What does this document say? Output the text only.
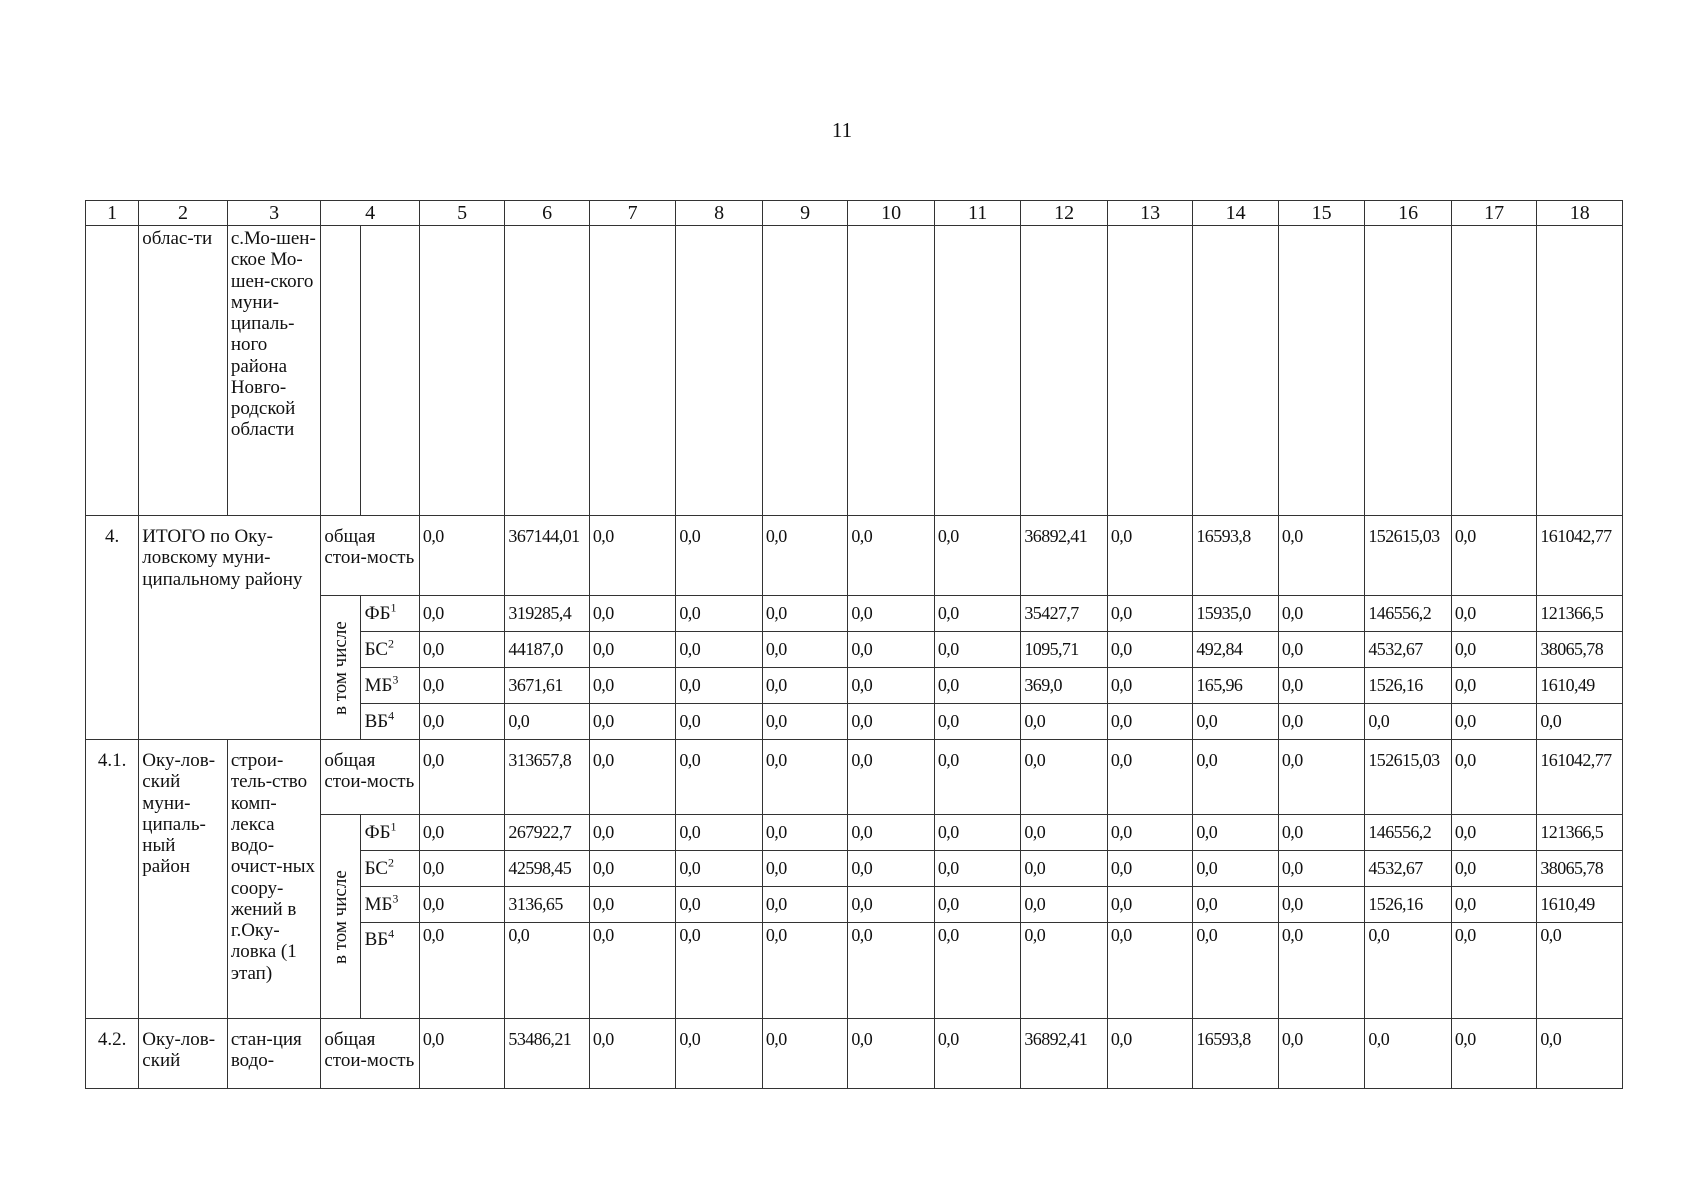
11
1	2	3	4		5	6	7	8	9	10	11	12	13	14	15	16	17	18
	облас-ти	с.Мо-шен-ское Мо-шен-ского муни-ципаль-ного района Новго-родской области																
4.	ИТОГО по Оку-ловскому муни-ципальному району		общая стои-мость		0,0	367144,01	0,0	0,0	0,0	0,0	0,0	36892,41	0,0	16593,8	0,0	152615,03	0,0	161042,77
			в том числе	$ФБ^1$	0,0	319285,4	0,0	0,0	0,0	0,0	0,0	35427,7	0,0	15935,0	0,0	146556,2	0,0	121366,5
				$БС^2$	0,0	44187,0	0,0	0,0	0,0	0,0	0,0	1095,71	0,0	492,84	0,0	4532,67	0,0	38065,78
				$МБ^3$	0,0	3671,61	0,0	0,0	0,0	0,0	0,0	369,0	0,0	165,96	0,0	1526,16	0,0	1610,49
				$ВБ^4$	0,0	0,0	0,0	0,0	0,0	0,0	0,0	0,0	0,0	0,0	0,0	0,0	0,0	0,0
4.1.	Оку-лов-ский муни-ципаль-ный район	строи-тель-ство комп-лекса водо-очист-ных соору-жений в г.Оку-ловка (1 этап)	общая стои-мость		0,0	313657,8	0,0	0,0	0,0	0,0	0,0	0,0	0,0	0,0	0,0	152615,03	0,0	161042,77
			в том числе	$ФБ^1$	0,0	267922,7	0,0	0,0	0,0	0,0	0,0	0,0	0,0	0,0	0,0	146556,2	0,0	121366,5
				$БС^2$	0,0	42598,45	0,0	0,0	0,0	0,0	0,0	0,0	0,0	0,0	0,0	4532,67	0,0	38065,78
				$МБ^3$	0,0	3136,65	0,0	0,0	0,0	0,0	0,0	0,0	0,0	0,0	0,0	1526,16	0,0	1610,49
				$ВБ^4$	0,0	0,0	0,0	0,0	0,0	0,0	0,0	0,0	0,0	0,0	0,0	0,0	0,0	0,0
4.2.	Оку-лов-ский	стан-ция водо-	общая стои-мость		0,0	53486,21	0,0	0,0	0,0	0,0	0,0	36892,41	0,0	16593,8	0,0	0,0	0,0	0,0
